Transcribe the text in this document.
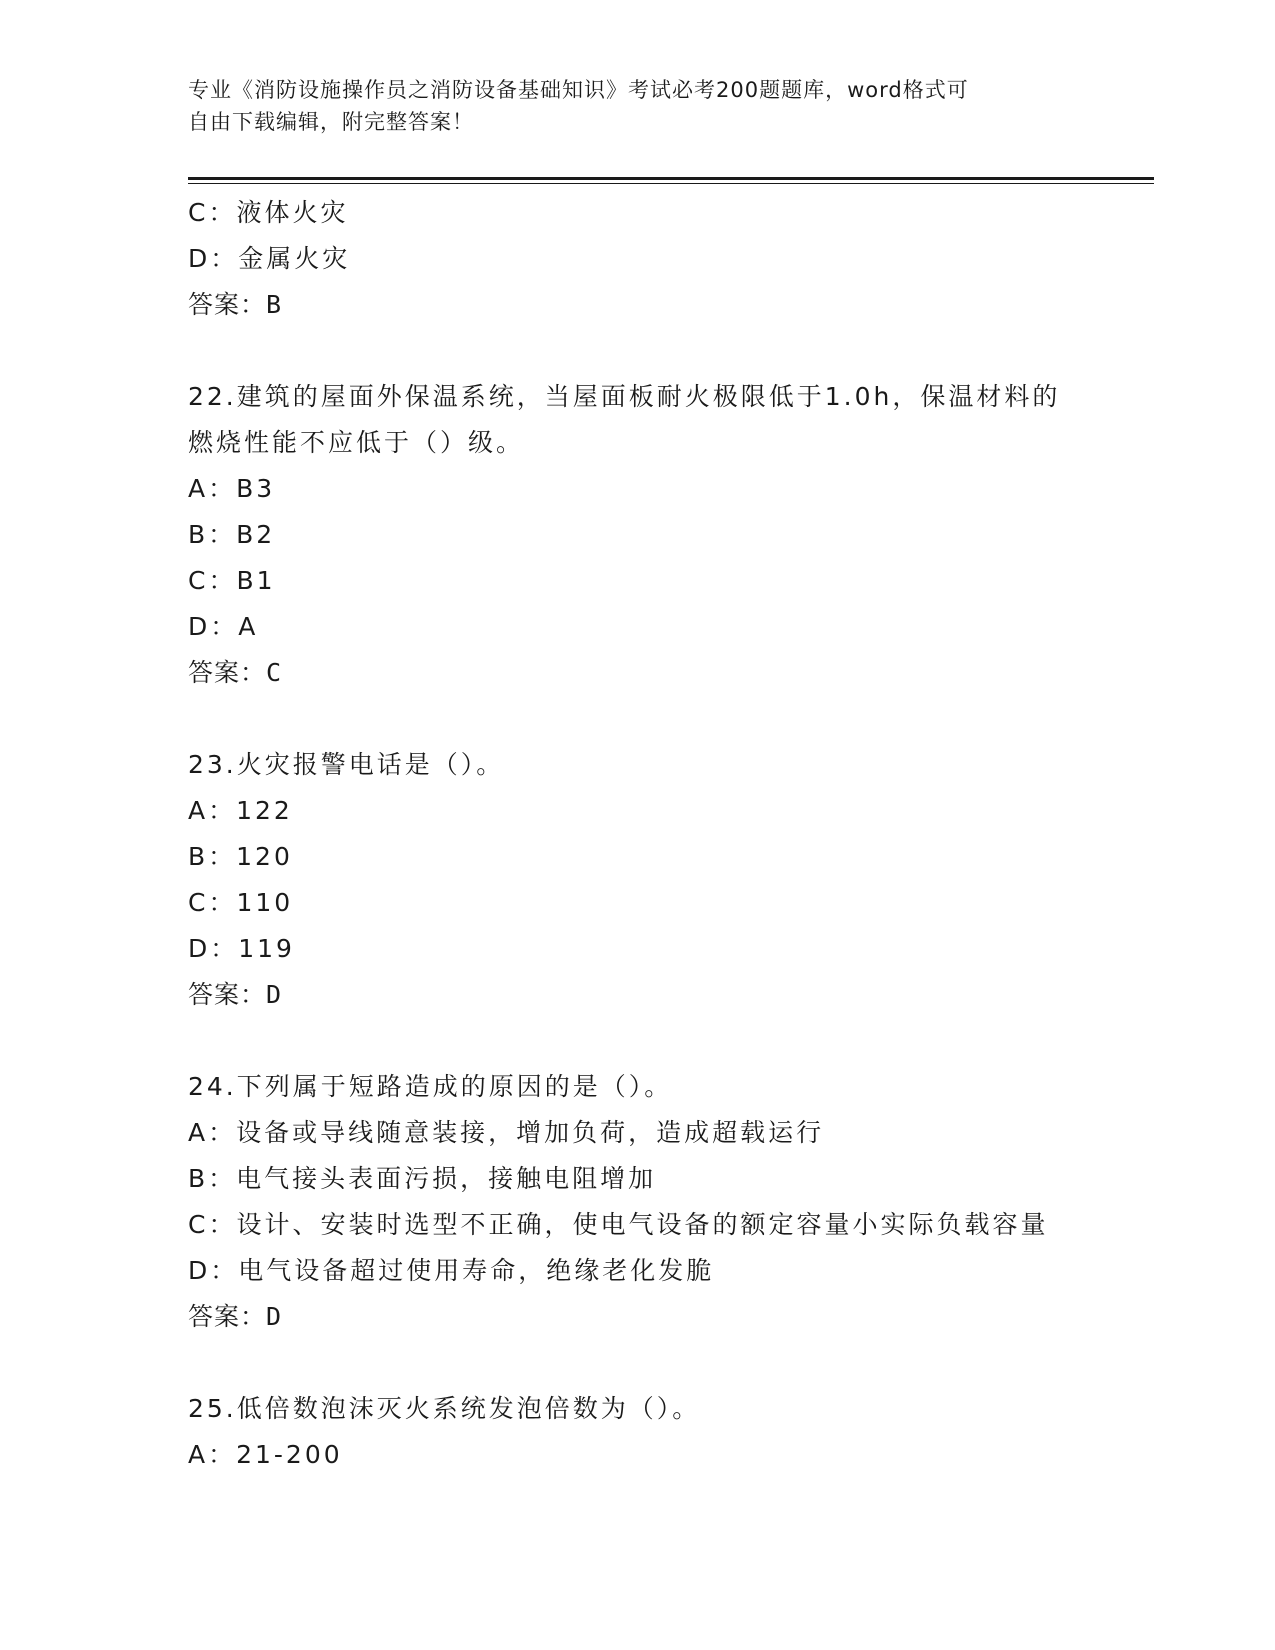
专业《消防设施操作员之消防设备基础知识》考试必考200题题库，word格式可
自由下载编辑，附完整答案！
C：液体火灾
D：金属火灾
答案：B
22.建筑的屋面外保温系统，当屋面板耐火极限低于1.0h，保温材料的
燃烧性能不应低于（）级。
A：B3
B：B2
C：B1
D：A
答案：C
23.火灾报警电话是（）。
A：122
B：120
C：110
D：119
答案：D
24.下列属于短路造成的原因的是（）。
A：设备或导线随意装接，增加负荷，造成超载运行
B：电气接头表面污损，接触电阻增加
C：设计、安装时选型不正确，使电气设备的额定容量小实际负载容量
D：电气设备超过使用寿命，绝缘老化发脆
答案：D
25.低倍数泡沫灭火系统发泡倍数为（）。
A：21-200
